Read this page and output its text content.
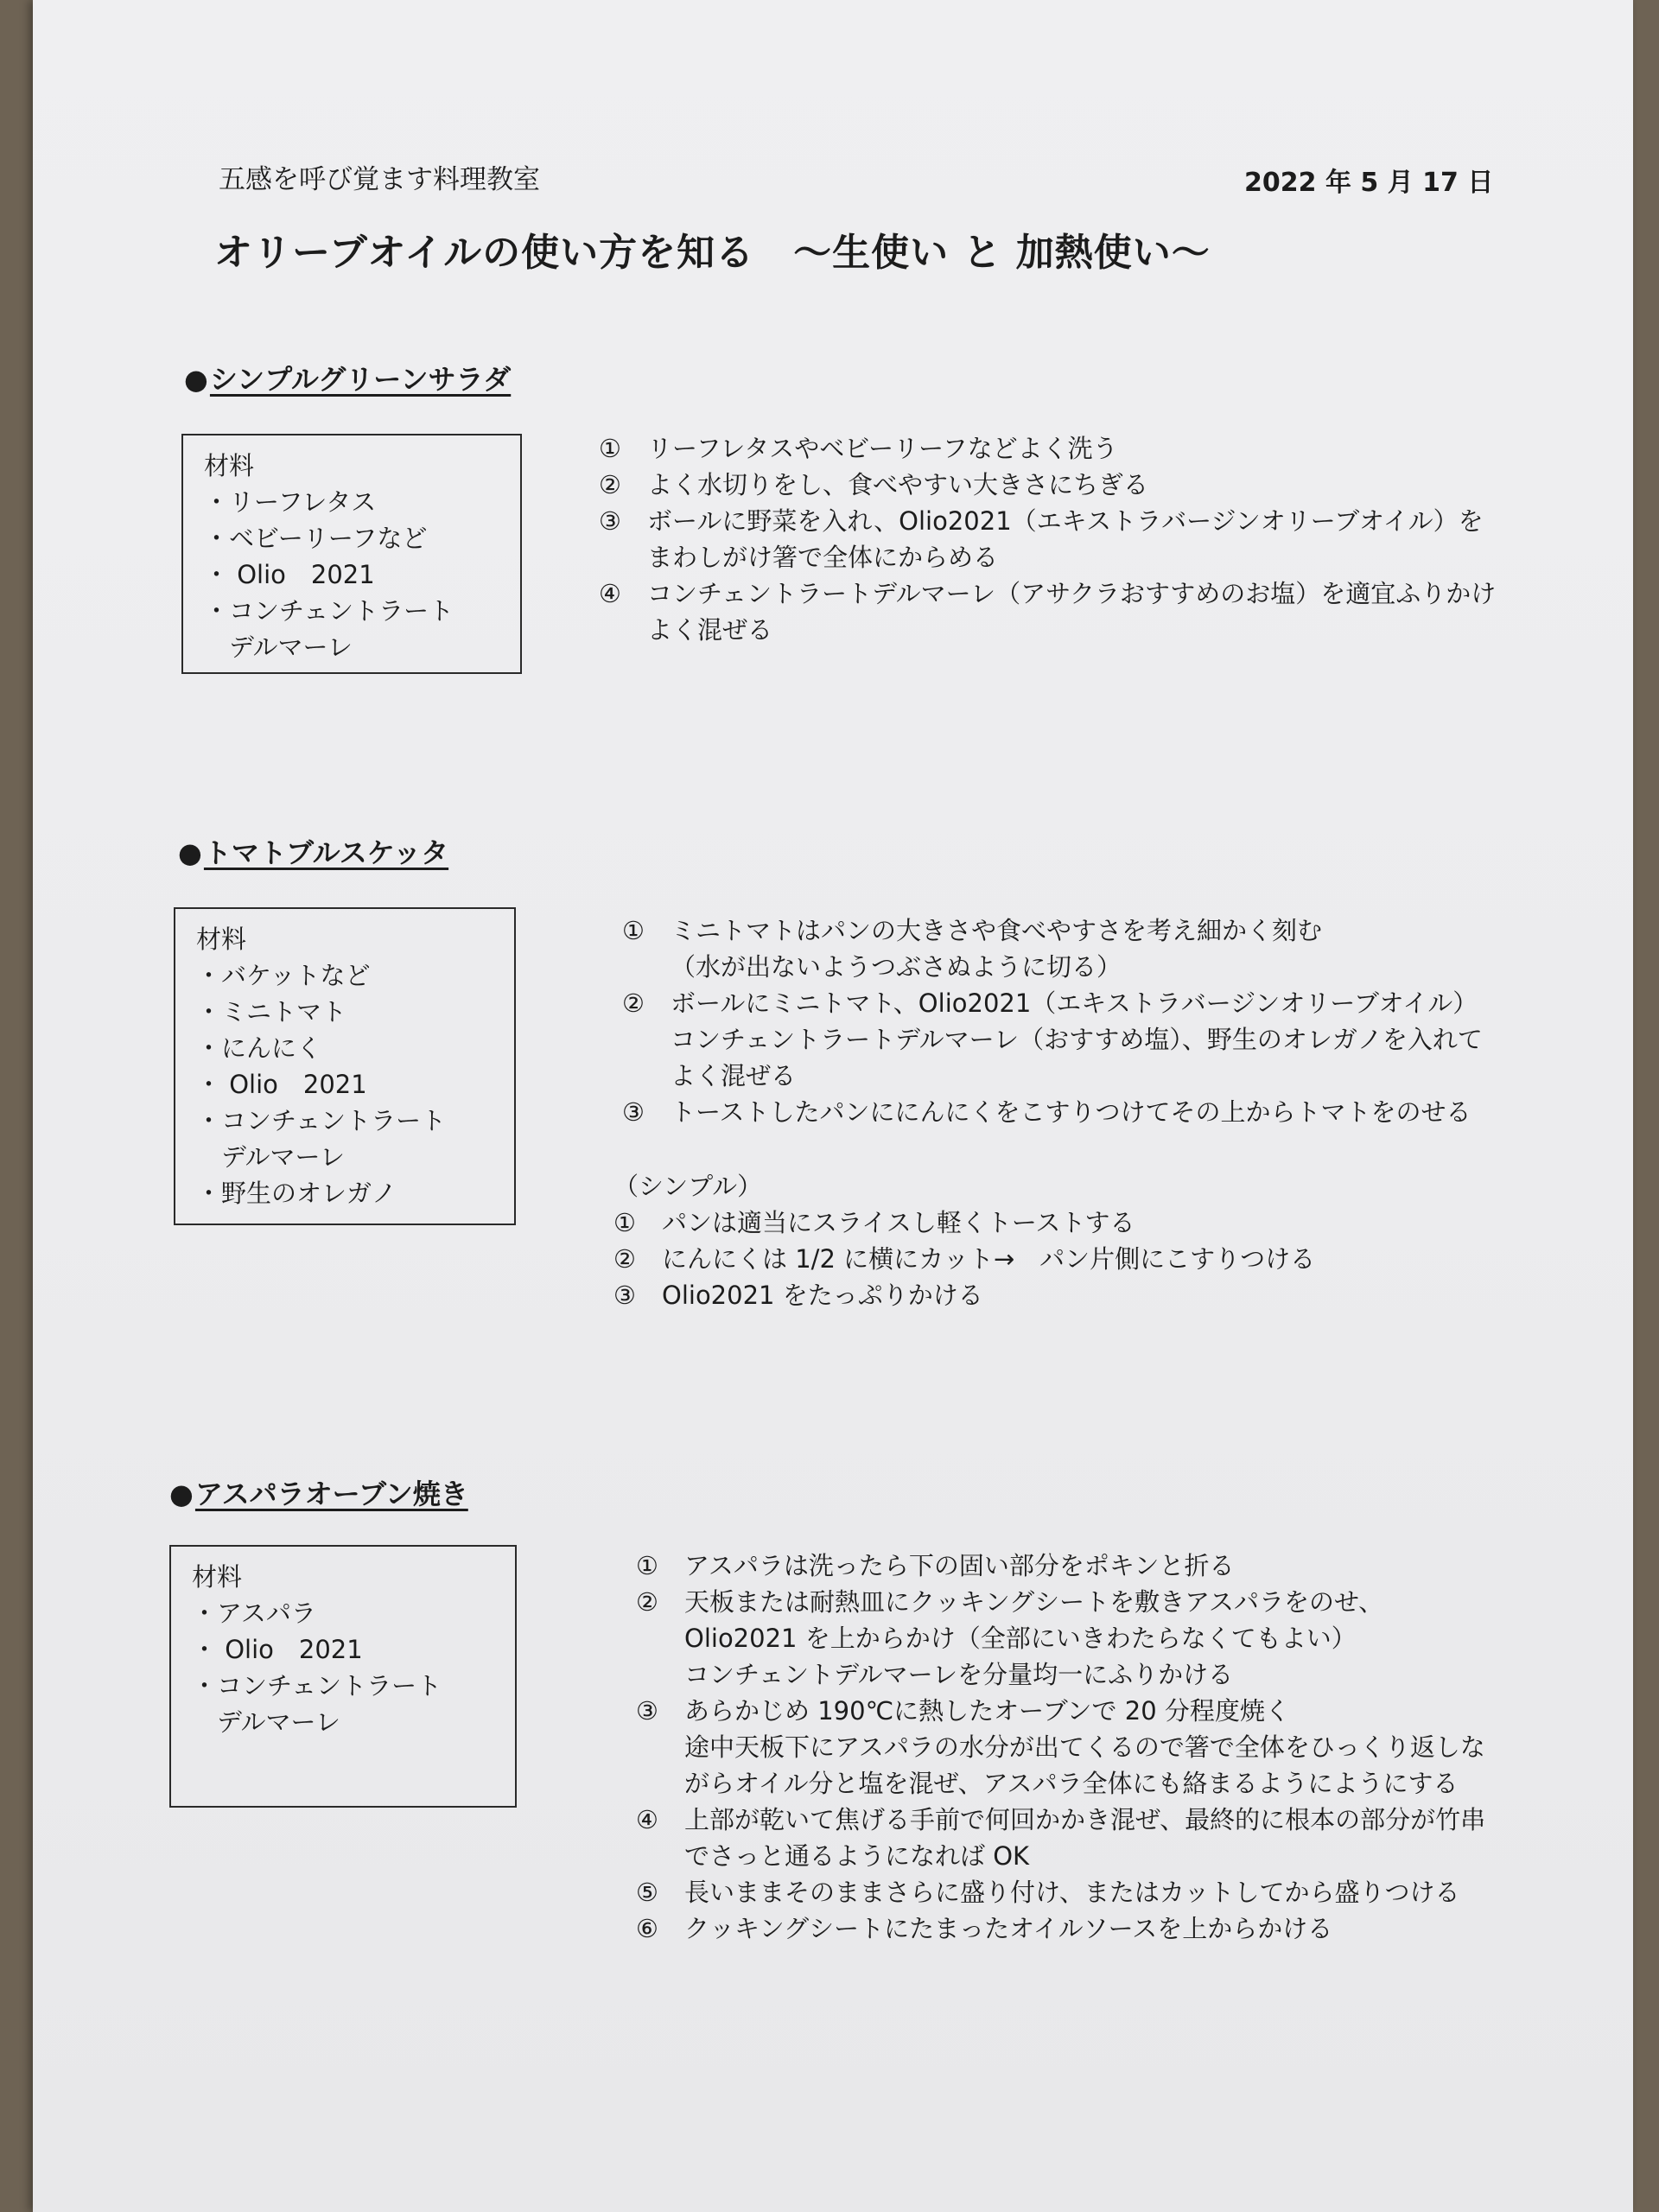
五感を呼び覚ます料理教室	2022 年 5 月 17 日
オリーブオイルの使い方を知る　～生使い と 加熱使い～
●シンプルグリーンサラダ
材料
・リーフレタス
・ベビーリーフなど
・ Olio　2021
・コンチェントラート
　デルマーレ
①	リーフレタスやベビーリーフなどよく洗う
②	よく水切りをし、食べやすい大きさにちぎる
③	ボールに野菜を入れ、Olio2021（エキストラバージンオリーブオイル）を
まわしがけ箸で全体にからめる
④	コンチェントラートデルマーレ（アサクラおすすめのお塩）を適宜ふりかけ
よく混ぜる
●トマトブルスケッタ
材料
・バケットなど
・ミニトマト
・にんにく
・ Olio　2021
・コンチェントラート
　デルマーレ
・野生のオレガノ
①	ミニトマトはパンの大きさや食べやすさを考え細かく刻む
（水が出ないようつぶさぬように切る）
②	ボールにミニトマト、Olio2021（エキストラバージンオリーブオイル）
コンチェントラートデルマーレ（おすすめ塩）、野生のオレガノを入れて
よく混ぜる
③	トーストしたパンににんにくをこすりつけてその上からトマトをのせる
（シンプル）
①	パンは適当にスライスし軽くトーストする
②	にんにくは 1/2 に横にカット→　パン片側にこすりつける
③	Olio2021 をたっぷりかける
●アスパラオーブン焼き
材料
・アスパラ
・ Olio　2021
・コンチェントラート
　デルマーレ
①	アスパラは洗ったら下の固い部分をポキンと折る
②	天板または耐熱皿にクッキングシートを敷きアスパラをのせ、
Olio2021 を上からかけ（全部にいきわたらなくてもよい）
コンチェントデルマーレを分量均一にふりかける
③	あらかじめ 190℃に熱したオーブンで 20 分程度焼く
途中天板下にアスパラの水分が出てくるので箸で全体をひっくり返しな
がらオイル分と塩を混ぜ、アスパラ全体にも絡まるようにようにする
④	上部が乾いて焦げる手前で何回かかき混ぜ、最終的に根本の部分が竹串
でさっと通るようになれば OK
⑤	長いままそのままさらに盛り付け、またはカットしてから盛りつける
⑥	クッキングシートにたまったオイルソースを上からかける
